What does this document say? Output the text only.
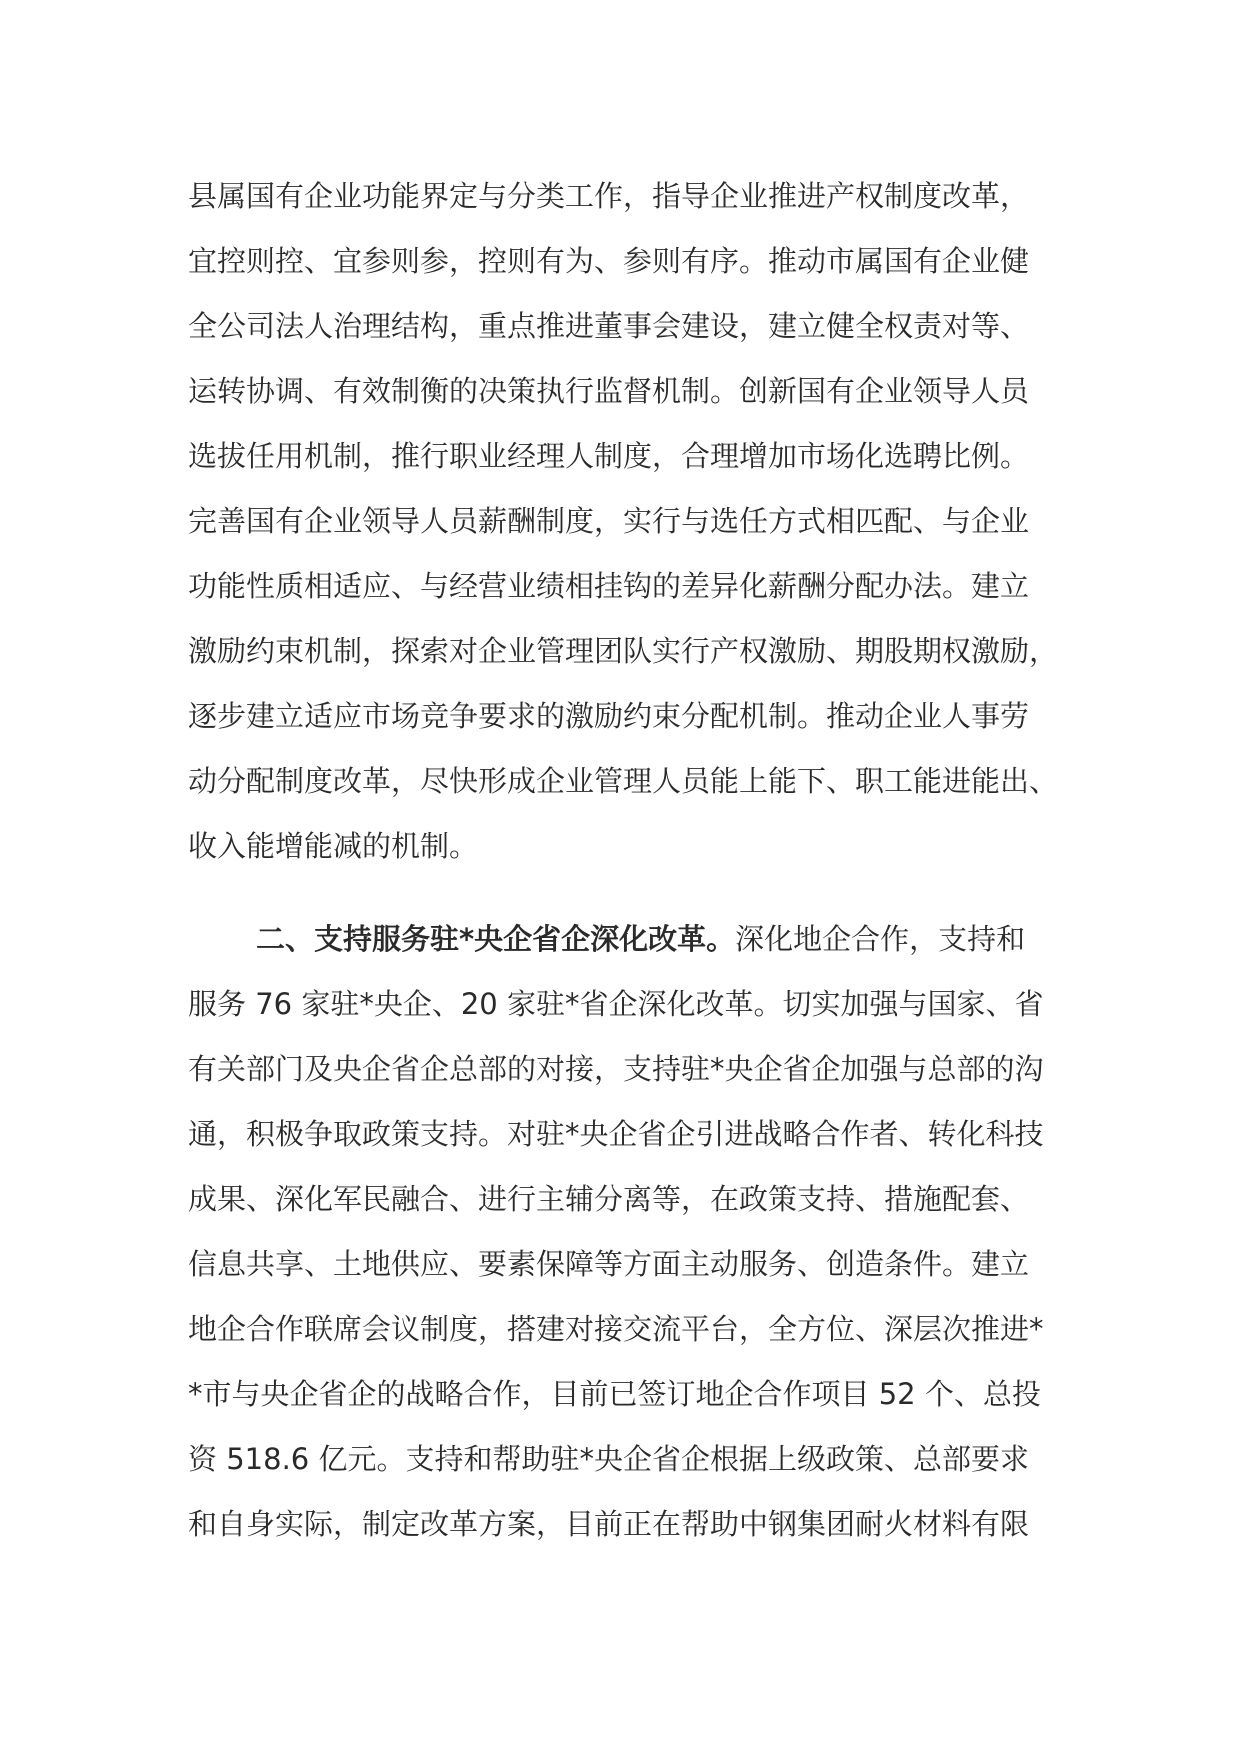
县属国有企业功能界定与分类工作，指导企业推进产权制度改革，
宜控则控、宜参则参，控则有为、参则有序。推动市属国有企业健
全公司法人治理结构，重点推进董事会建设，建立健全权责对等、
运转协调、有效制衡的决策执行监督机制。创新国有企业领导人员
选拔任用机制，推行职业经理人制度，合理增加市场化选聘比例。
完善国有企业领导人员薪酬制度，实行与选任方式相匹配、与企业
功能性质相适应、与经营业绩相挂钩的差异化薪酬分配办法。建立
激励约束机制，探索对企业管理团队实行产权激励、期股期权激励，
逐步建立适应市场竞争要求的激励约束分配机制。推动企业人事劳
动分配制度改革，尽快形成企业管理人员能上能下、职工能进能出、
收入能增能减的机制。
二、支持服务驻*央企省企深化改革。深化地企合作，支持和
服务 76 家驻*央企、20 家驻*省企深化改革。切实加强与国家、省
有关部门及央企省企总部的对接，支持驻*央企省企加强与总部的沟
通，积极争取政策支持。对驻*央企省企引进战略合作者、转化科技
成果、深化军民融合、进行主辅分离等，在政策支持、措施配套、
信息共享、土地供应、要素保障等方面主动服务、创造条件。建立
地企合作联席会议制度，搭建对接交流平台，全方位、深层次推进*
*市与央企省企的战略合作，目前已签订地企合作项目 52 个、总投
资 518.6 亿元。支持和帮助驻*央企省企根据上级政策、总部要求
和自身实际，制定改革方案，目前正在帮助中钢集团耐火材料有限
